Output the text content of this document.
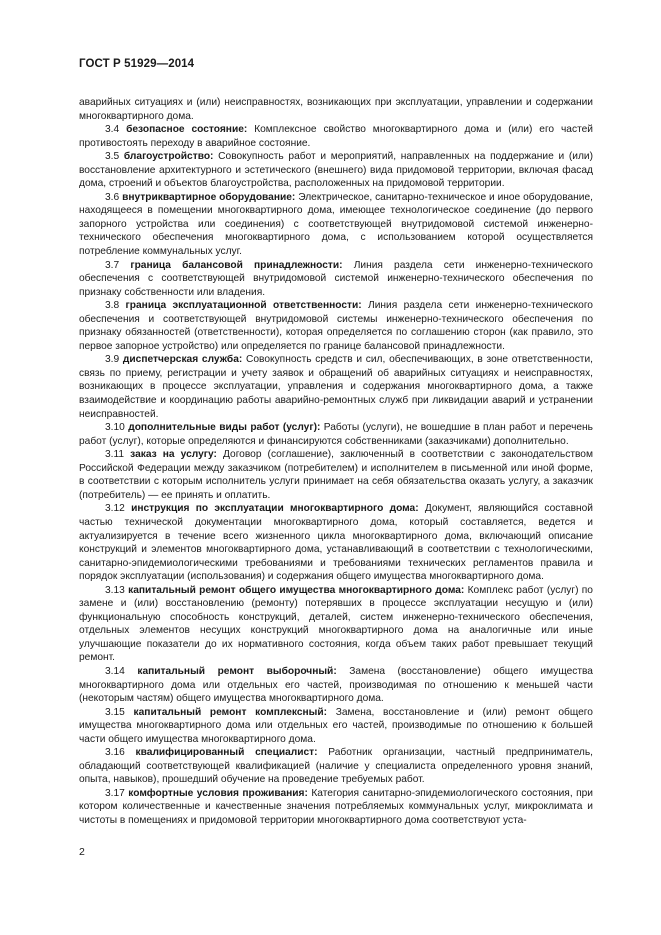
ГОСТ Р 51929—2014

аварийных ситуациях и (или) неисправностях, возникающих при эксплуатации, управлении и содержании многоквартирного дома.

3.4 безопасное состояние: Комплексное свойство многоквартирного дома и (или) его частей противостоять переходу в аварийное состояние.

3.5 благоустройство: Совокупность работ и мероприятий, направленных на поддержание и (или) восстановление архитектурного и эстетического (внешнего) вида придомовой территории, включая фасад дома, строений и объектов благоустройства, расположенных на придомовой территории.

3.6 внутриквартирное оборудование: Электрическое, санитарно-техническое и иное оборудование, находящееся в помещении многоквартирного дома, имеющее технологическое соединение (до первого запорного устройства или соединения) с соответствующей внутридомовой системой инженерно-технического обеспечения многоквартирного дома, с использованием которой осуществляется потребление коммунальных услуг.

3.7 граница балансовой принадлежности: Линия раздела сети инженерно-технического обеспечения с соответствующей внутридомовой системой инженерно-технического обеспечения по признаку собственности или владения.

3.8 граница эксплуатационной ответственности: Линия раздела сети инженерно-технического обеспечения и соответствующей внутридомовой системы инженерно-технического обеспечения по признаку обязанностей (ответственности), которая определяется по соглашению сторон (как правило, это первое запорное устройство) или определяется по границе балансовой принадлежности.

3.9 диспетчерская служба: Совокупность средств и сил, обеспечивающих, в зоне ответственности, связь по приему, регистрации и учету заявок и обращений об аварийных ситуациях и неисправностях, возникающих в процессе эксплуатации, управления и содержания многоквартирного дома, а также взаимодействие и координацию работы аварийно-ремонтных служб при ликвидации аварий и устранении неисправностей.

3.10 дополнительные виды работ (услуг): Работы (услуги), не вошедшие в план работ и перечень работ (услуг), которые определяются и финансируются собственниками (заказчиками) дополнительно.

3.11 заказ на услугу: Договор (соглашение), заключенный в соответствии с законодательством Российской Федерации между заказчиком (потребителем) и исполнителем в письменной или иной форме, в соответствии с которым исполнитель услуги принимает на себя обязательства оказать услугу, а заказчик (потребитель) — ее принять и оплатить.

3.12 инструкция по эксплуатации многоквартирного дома: Документ, являющийся составной частью технической документации многоквартирного дома, который составляется, ведется и актуализируется в течение всего жизненного цикла многоквартирного дома, включающий описание конструкций и элементов многоквартирного дома, устанавливающий в соответствии с технологическими, санитарно-эпидемиологическими требованиями и требованиями технических регламентов правила и порядок эксплуатации (использования) и содержания общего имущества многоквартирного дома.

3.13 капитальный ремонт общего имущества многоквартирного дома: Комплекс работ (услуг) по замене и (или) восстановлению (ремонту) потерявших в процессе эксплуатации несущую и (или) функциональную способность конструкций, деталей, систем инженерно-технического обеспечения, отдельных элементов несущих конструкций многоквартирного дома на аналогичные или иные улучшающие показатели до их нормативного состояния, когда объем таких работ превышает текущий ремонт.

3.14 капитальный ремонт выборочный: Замена (восстановление) общего имущества многоквартирного дома или отдельных его частей, производимая по отношению к меньшей части (некоторым частям) общего имущества многоквартирного дома.

3.15 капитальный ремонт комплексный: Замена, восстановление и (или) ремонт общего имущества многоквартирного дома или отдельных его частей, производимые по отношению к большей части общего имущества многоквартирного дома.

3.16 квалифицированный специалист: Работник организации, частный предприниматель, обладающий соответствующей квалификацией (наличие у специалиста определенного уровня знаний, опыта, навыков), прошедший обучение на проведение требуемых работ.

3.17 комфортные условия проживания: Категория санитарно-эпидемиологического состояния, при котором количественные и качественные значения потребляемых коммунальных услуг, микроклимата и чистоты в помещениях и придомовой территории многоквартирного дома соответствуют уста-

2
